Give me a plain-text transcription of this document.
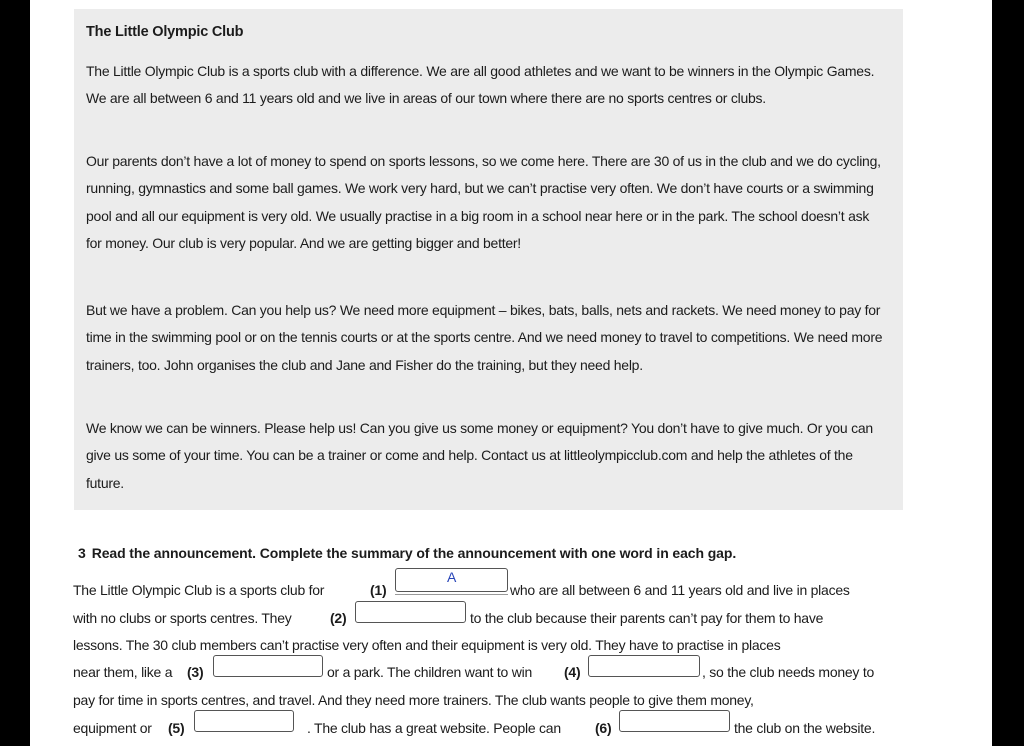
The Little Olympic Club

The Little Olympic Club is a sports club with a difference. We are all good athletes and we want to be winners in the Olympic Games. We are all between 6 and 11 years old and we live in areas of our town where there are no sports centres or clubs.

Our parents don’t have a lot of money to spend on sports lessons, so we come here. There are 30 of us in the club and we do cycling, running, gymnastics and some ball games. We work very hard, but we can’t practise very often. We don’t have courts or a swimming pool and all our equipment is very old. We usually practise in a big room in a school near here or in the park. The school doesn’t ask for money. Our club is very popular. And we are getting bigger and better!

But we have a problem. Can you help us? We need more equipment – bikes, bats, balls, nets and rackets. We need money to pay for time in the swimming pool or on the tennis courts or at the sports centre. And we need money to travel to competitions. We need more trainers, too. John organises the club and Jane and Fisher do the training, but they need help.

We know we can be winners. Please help us! Can you give us some money or equipment? You don’t have to give much. Or you can give us some of your time. You can be a trainer or come and help. Contact us at littleolympicclub.com and help the athletes of the future.

3 Read the announcement. Complete the summary of the announcement with one word in each gap.
The Little Olympic Club is a sports club for	(1)
A
who are all between 6 and 11 years old and live in places
with no clubs or sports centres. They	(2)	to the club because their parents can’t pay for them to have
lessons. The 30 club members can’t practise very often and their equipment is very old. They have to practise in places
near them, like a (3)	or a park. The children want to win (4)	, so the club needs money to
pay for time in sports centres, and travel. And they need more trainers. The club wants people to give them money,
equipment or (5)	. The club has a great website. People can (6)	the club on the website.
